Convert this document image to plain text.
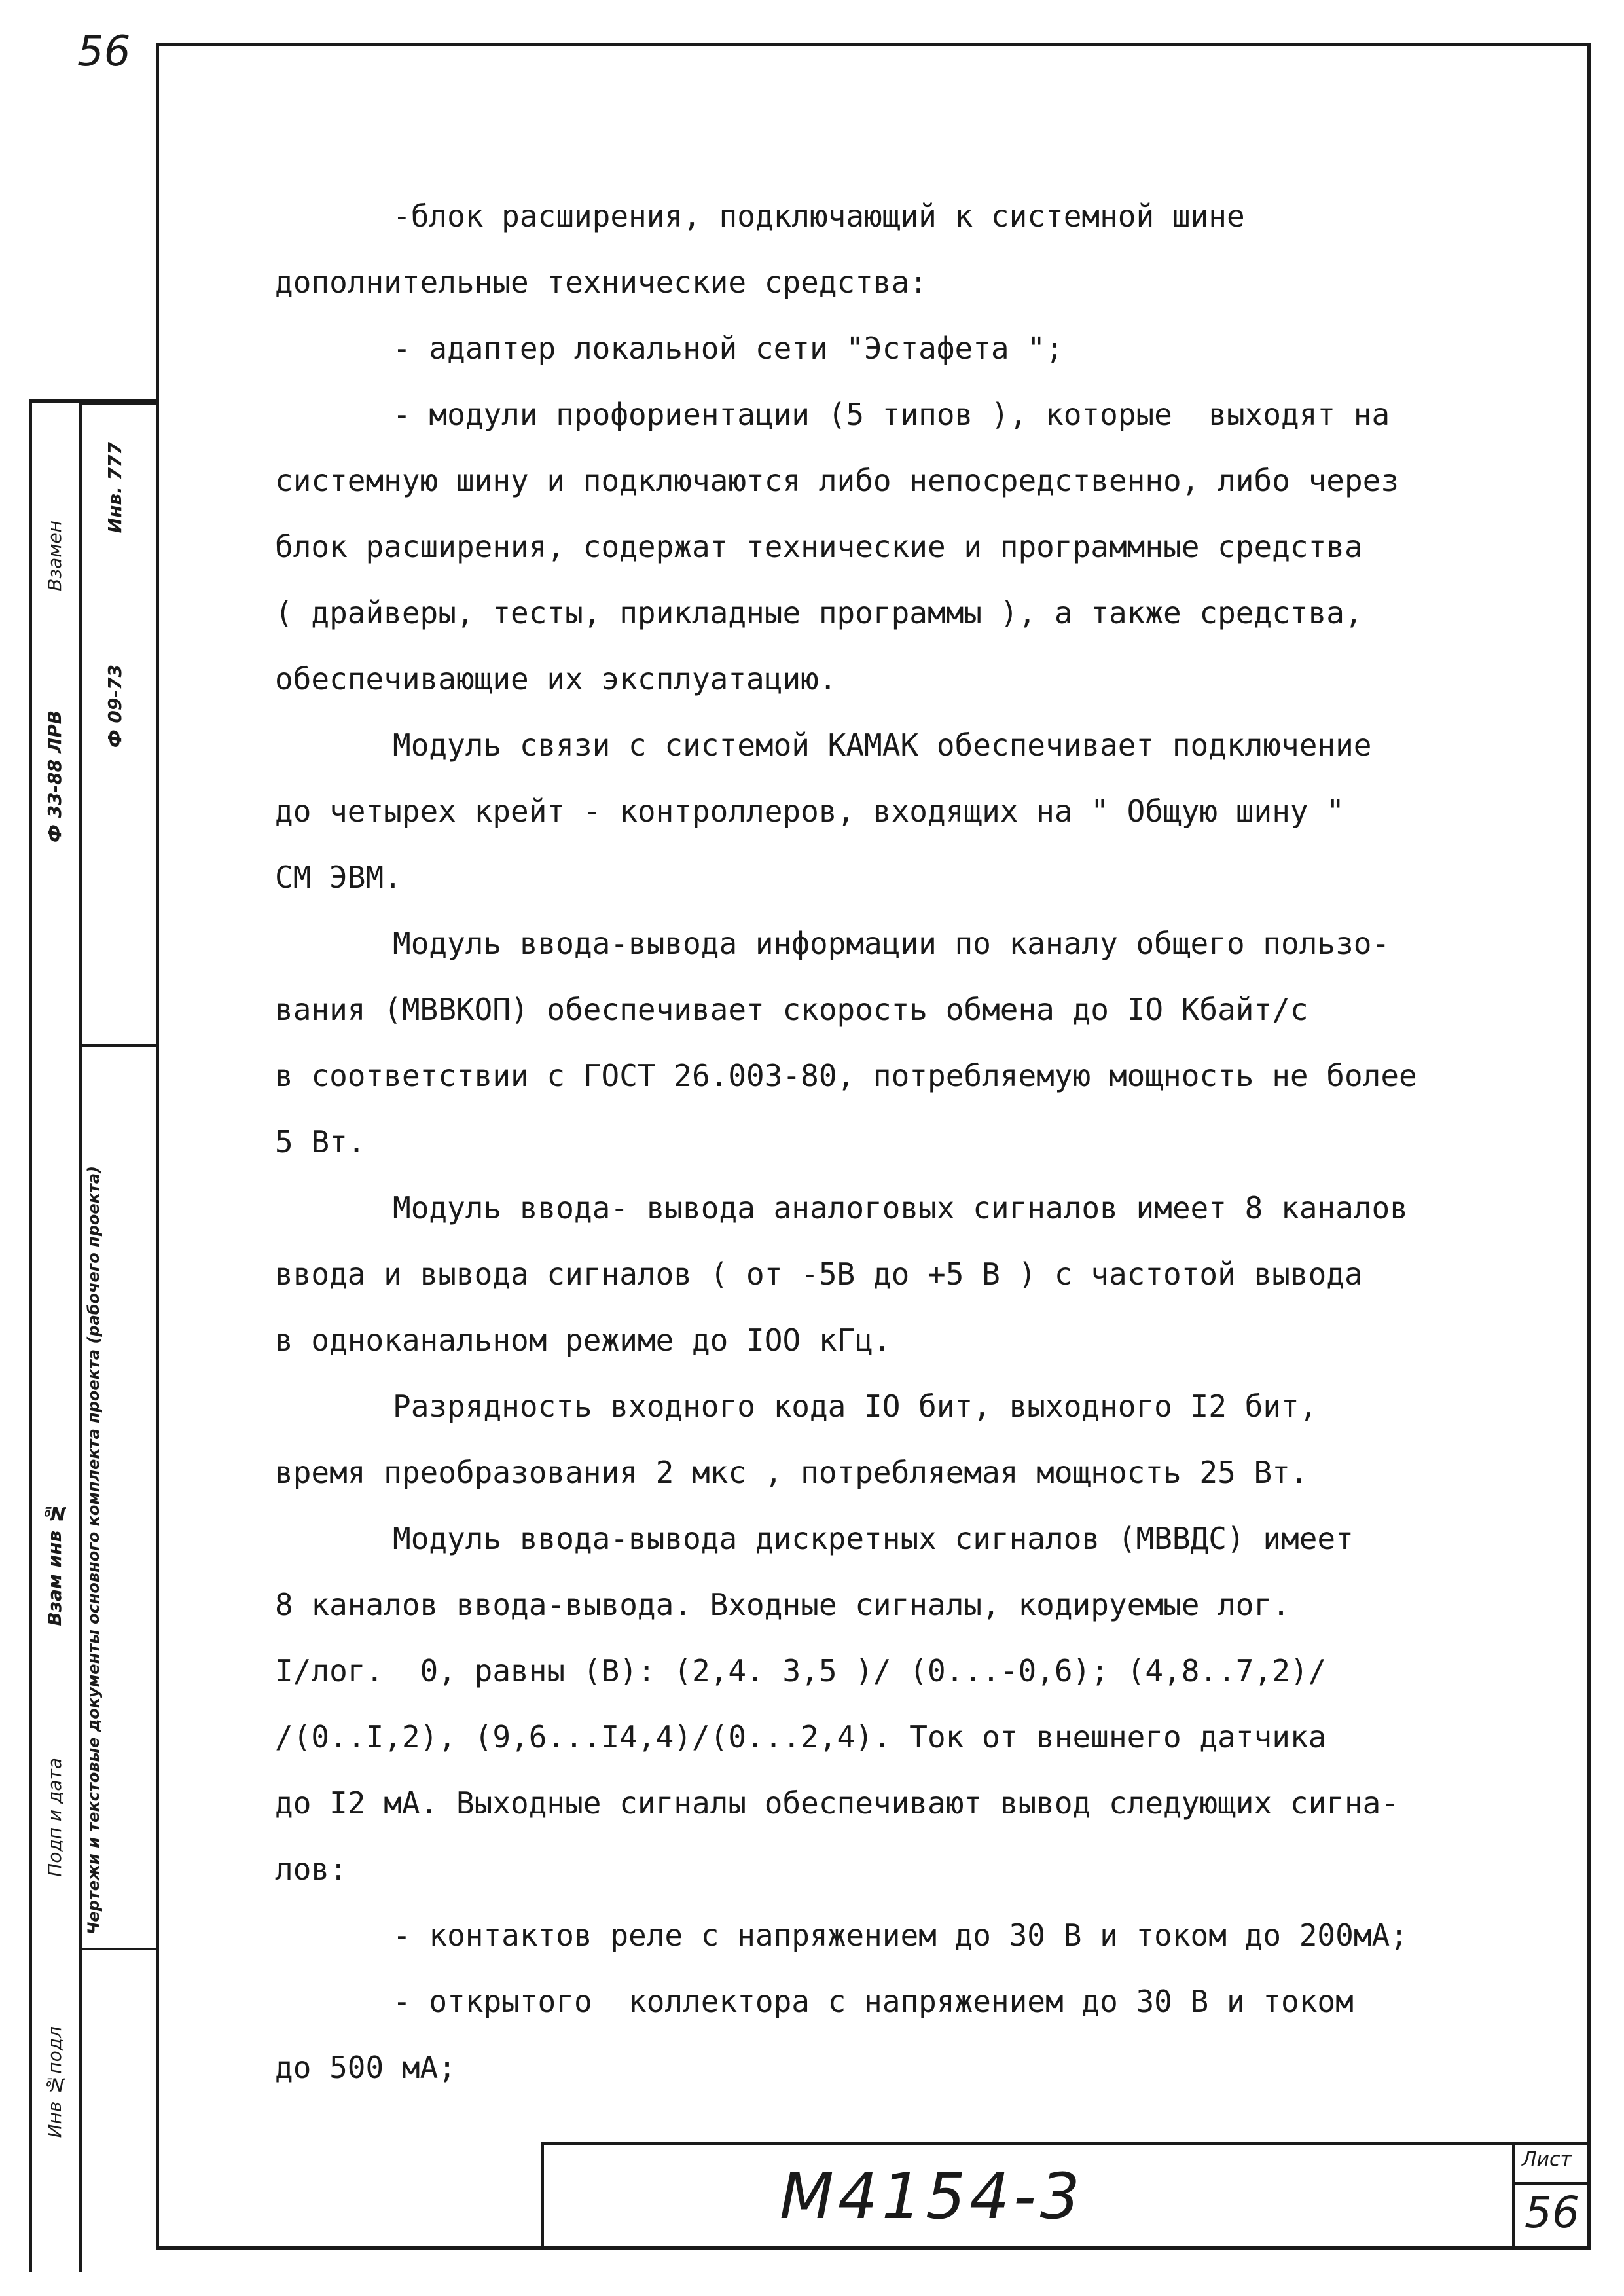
56
Инв №подл
Подп и дата
Взам инв № Чертежи и текстовые документы основного комплекта проекта (рабочего проекта)
Ф 33-88 ЛРВ
Ф 09-73
Взамен
Инв. 777

-блок расширения, подключающий к системной шине
дополнительные технические средства:

- адаптер локальной сети "Эстафета ";

- модули профориентации (5 типов ), которые  выходят на
системную шину и подключаются либо непосредственно, либо через
блок расширения, содержат технические и программные средства
( драйверы, тесты, прикладные программы ), а также средства,
обеспечивающие их эксплуатацию.

Модуль связи с системой КАМАК обеспечивает подключение
до четырех крейт - контроллеров, входящих на " Общую шину "
СМ ЭВМ.

Модуль ввода-вывода информации по каналу общего пользо-
вания (МВВКОП) обеспечивает скорость обмена до IO Кбайт/с
в соответствии с ГОСТ 26.003-80, потребляемую мощность не более
5 Вт.

Модуль ввода- вывода аналоговых сигналов имеет 8 каналов
ввода и вывода сигналов ( от -5В до +5 В ) с частотой вывода
в одноканальном режиме до IOO кГц.

Разрядность входного кода IO бит, выходного I2 бит,
время преобразования 2 мкс , потребляемая мощность 25 Вт.

Модуль ввода-вывода дискретных сигналов (МВВДС) имеет
8 каналов ввода-вывода. Входные сигналы, кодируемые лог.
I/лог.  0, равны (В): (2,4. 3,5 )/ (0...-0,6); (4,8..7,2)/
/(0..I,2), (9,6...I4,4)/(0...2,4). Ток от внешнего датчика
до I2 мА. Выходные сигналы обеспечивают вывод следующих сигна-
лов:

- контактов реле с напряжением до 30 В и током до 200мА;

- открытого  коллектора с напряжением до 30 В и током
до 500 мА;

М4154-3
Лист
56
